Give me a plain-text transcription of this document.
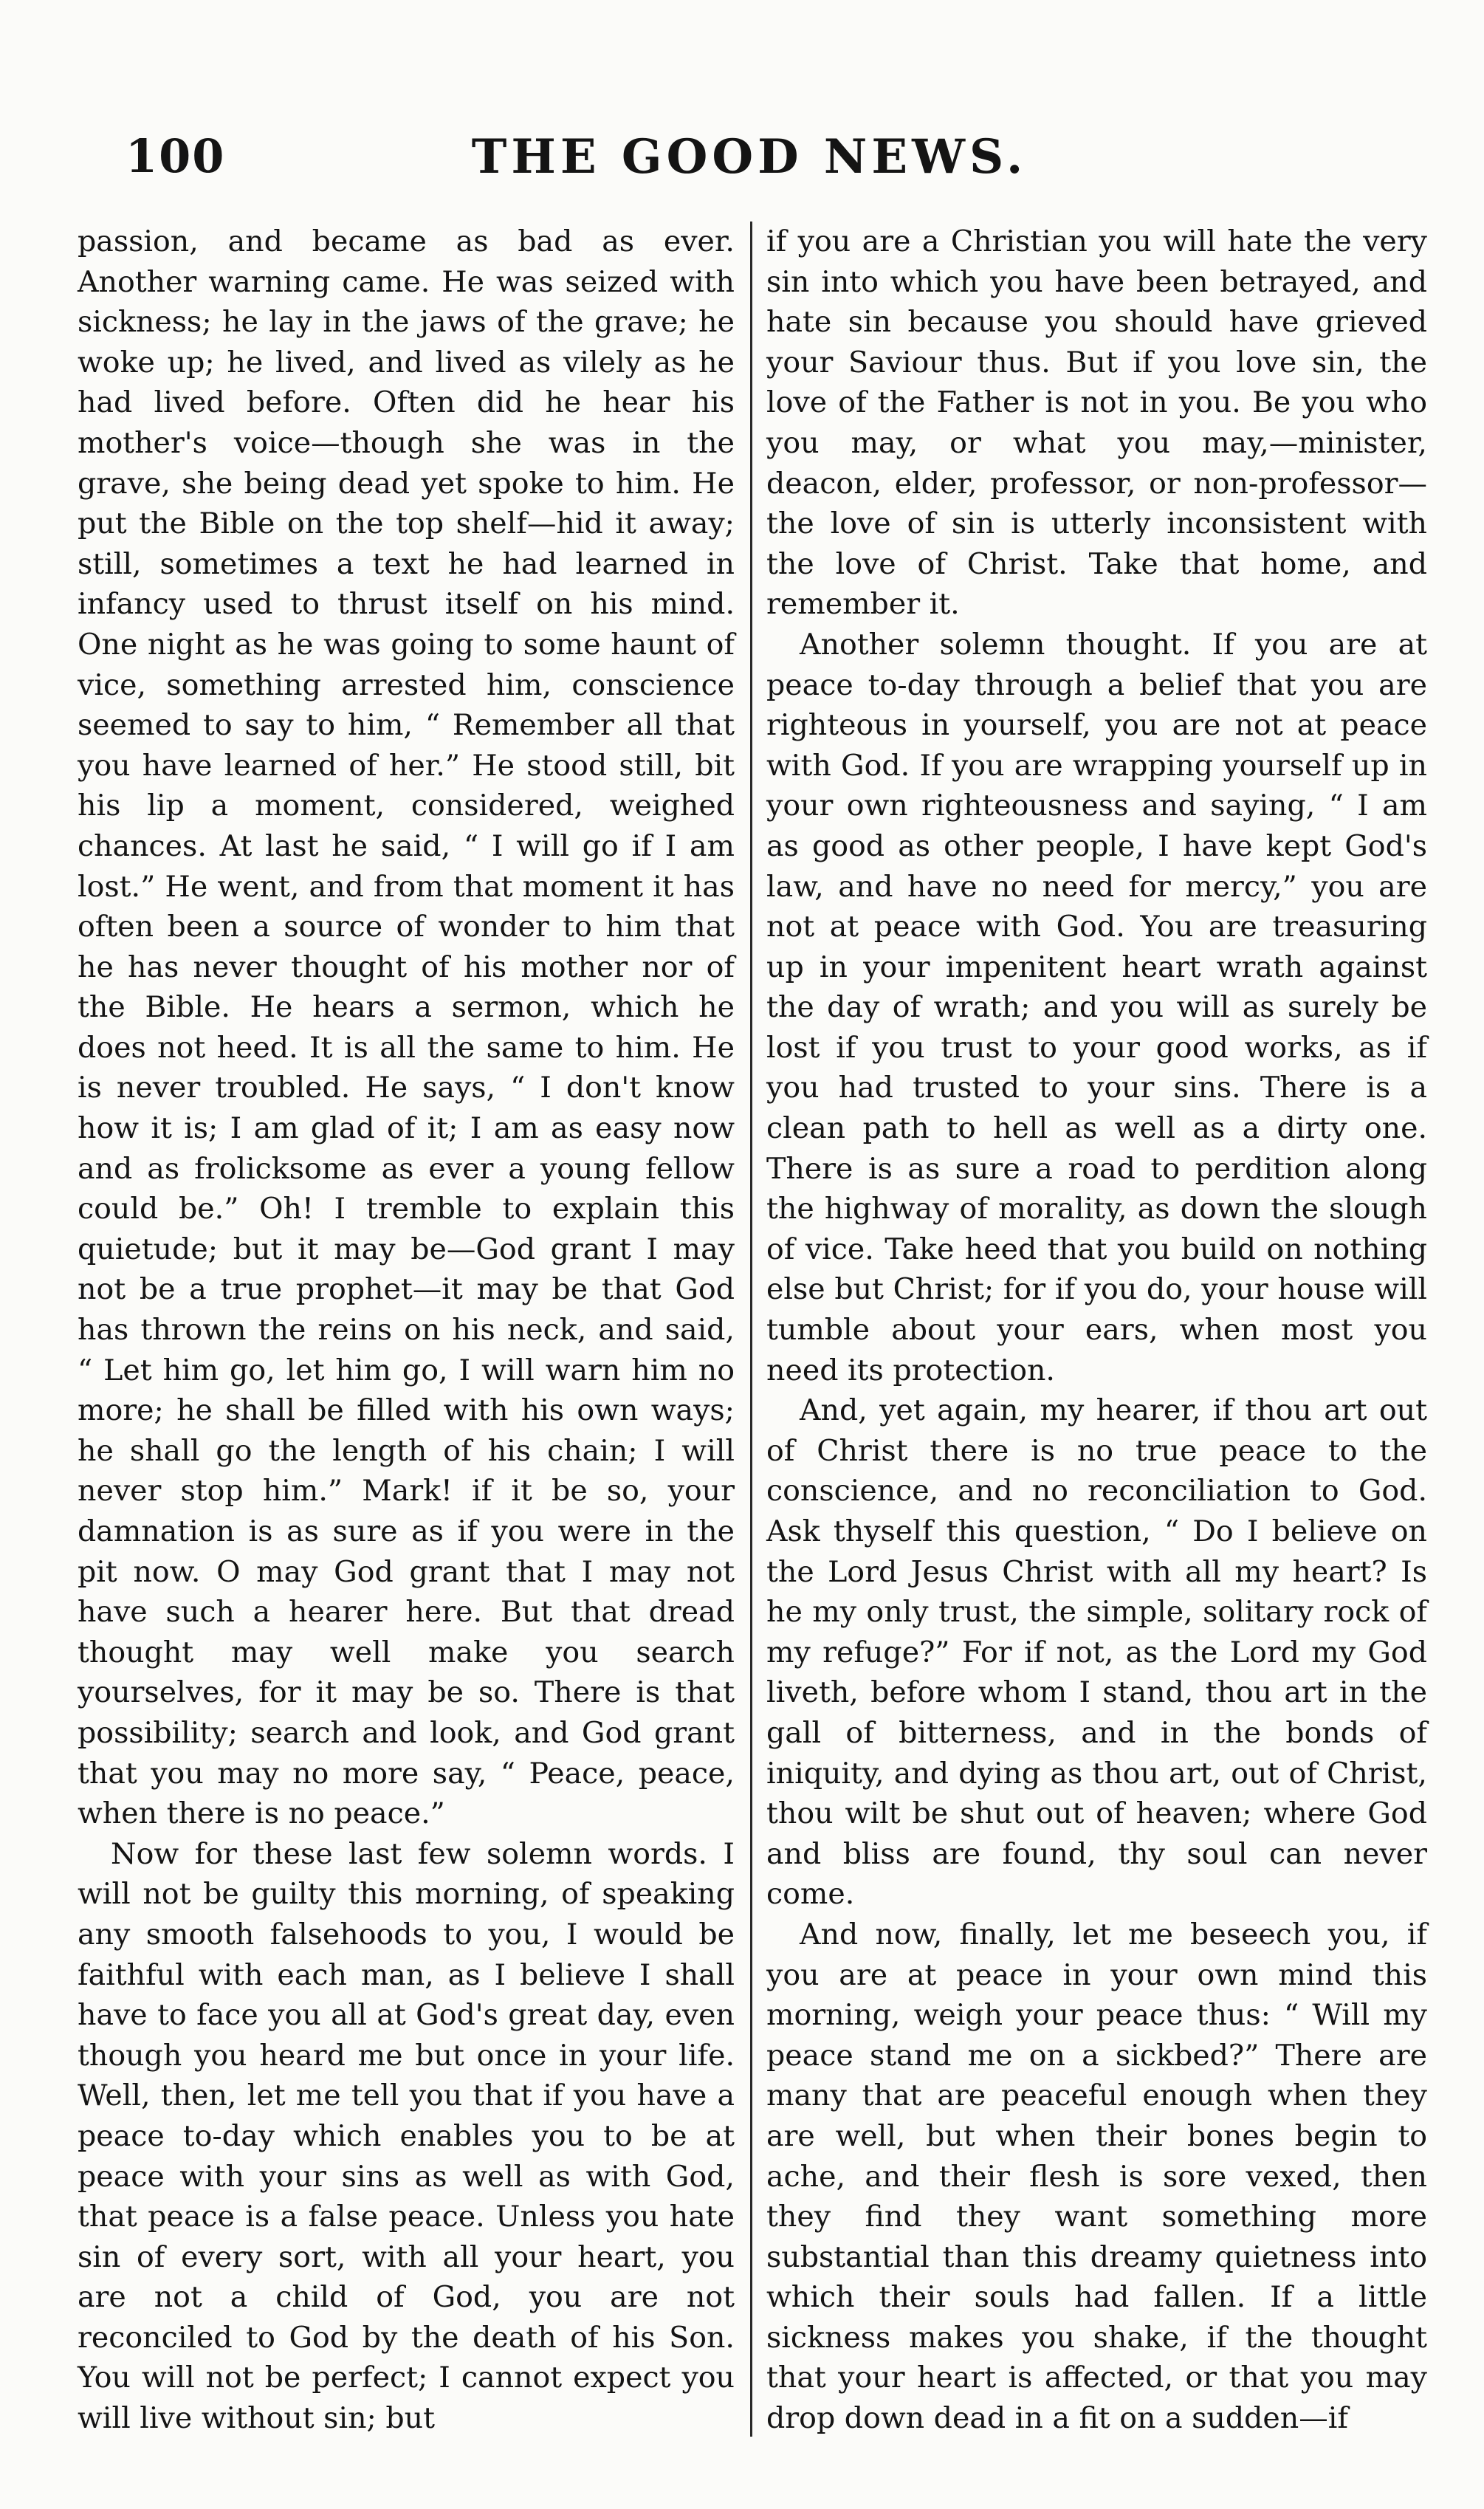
100	THE GOOD NEWS.

passion, and became as bad as ever. Another warning came. He was seized with sickness; he lay in the jaws of the grave; he woke up; he lived, and lived as vilely as he had lived before. Often did he hear his mother's voice—though she was in the grave, she being dead yet spoke to him. He put the Bible on the top shelf—hid it away; still, sometimes a text he had learned in infancy used to thrust itself on his mind. One night as he was going to some haunt of vice, something arrested him, conscience seemed to say to him, “ Remember all that you have learned of her.” He stood still, bit his lip a moment, considered, weighed chances. At last he said, “ I will go if I am lost.” He went, and from that moment it has often been a source of wonder to him that he has never thought of his mother nor of the Bible. He hears a sermon, which he does not heed. It is all the same to him. He is never troubled. He says, “ I don't know how it is; I am glad of it; I am as easy now and as frolicksome as ever a young fellow could be.” Oh! I tremble to explain this quietude; but it may be—God grant I may not be a true prophet—it may be that God has thrown the reins on his neck, and said, “ Let him go, let him go, I will warn him no more; he shall be filled with his own ways; he shall go the length of his chain; I will never stop him.” Mark! if it be so, your damnation is as sure as if you were in the pit now. O may God grant that I may not have such a hearer here. But that dread thought may well make you search yourselves, for it may be so. There is that possibility; search and look, and God grant that you may no more say, “ Peace, peace, when there is no peace.”

Now for these last few solemn words. I will not be guilty this morning, of speaking any smooth falsehoods to you, I would be faithful with each man, as I believe I shall have to face you all at God's great day, even though you heard me but once in your life. Well, then, let me tell you that if you have a peace to-day which enables you to be at peace with your sins as well as with God, that peace is a false peace. Unless you hate sin of every sort, with all your heart, you are not a child of God, you are not reconciled to God by the death of his Son. You will not be perfect; I cannot expect you will live without sin; but

if you are a Christian you will hate the very sin into which you have been betrayed, and hate sin because you should have grieved your Saviour thus. But if you love sin, the love of the Father is not in you. Be you who you may, or what you may,—minister, deacon, elder, professor, or non-professor—the love of sin is utterly inconsistent with the love of Christ. Take that home, and remember it.

Another solemn thought. If you are at peace to-day through a belief that you are righteous in yourself, you are not at peace with God. If you are wrapping yourself up in your own righteousness and saying, “ I am as good as other people, I have kept God's law, and have no need for mercy,” you are not at peace with God. You are treasuring up in your impenitent heart wrath against the day of wrath; and you will as surely be lost if you trust to your good works, as if you had trusted to your sins. There is a clean path to hell as well as a dirty one. There is as sure a road to perdition along the highway of morality, as down the slough of vice. Take heed that you build on nothing else but Christ; for if you do, your house will tumble about your ears, when most you need its protection.

And, yet again, my hearer, if thou art out of Christ there is no true peace to the conscience, and no reconciliation to God. Ask thyself this question, “ Do I believe on the Lord Jesus Christ with all my heart? Is he my only trust, the simple, solitary rock of my refuge?” For if not, as the Lord my God liveth, before whom I stand, thou art in the gall of bitterness, and in the bonds of iniquity, and dying as thou art, out of Christ, thou wilt be shut out of heaven; where God and bliss are found, thy soul can never come.

And now, finally, let me beseech you, if you are at peace in your own mind this morning, weigh your peace thus: “ Will my peace stand me on a sickbed?” There are many that are peaceful enough when they are well, but when their bones begin to ache, and their flesh is sore vexed, then they find they want something more substantial than this dreamy quietness into which their souls had fallen. If a little sickness makes you shake, if the thought that your heart is affected, or that you may drop down dead in a fit on a sudden—if
